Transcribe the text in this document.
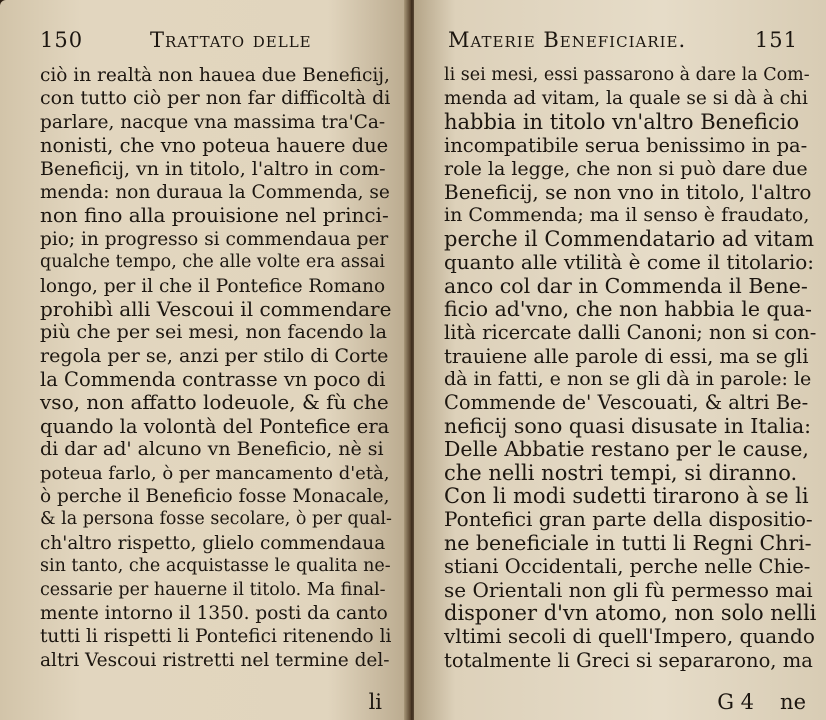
150	Trattato delle
ciò in realtà non hauea due Beneficij,
con tutto ciò per non far difficoltà di
parlare, nacque vna massima tra'Ca-
nonisti, che vno poteua hauere due
Beneficij, vn in titolo, l'altro in com-
menda: non duraua la Commenda, se
non fino alla prouisione nel princi-
pio; in progresso si commendaua per
qualche tempo, che alle volte era assai
longo, per il che il Pontefice Romano
prohibì alli Vescoui il commendare
più che per sei mesi, non facendo la
regola per se, anzi per stilo di Corte
la Commenda contrasse vn poco di
vso, non affatto lodeuole, & fù che
quando la volontà del Pontefice era
di dar ad' alcuno vn Beneficio, nè si
poteua farlo, ò per mancamento d'età,
ò perche il Beneficio fosse Monacale,
& la persona fosse secolare, ò per qual-
ch'altro rispetto, glielo commendaua
sin tanto, che acquistasse le qualita ne-
cessarie per hauerne il titolo. Ma final-
mente intorno il 1350. posti da canto
tutti li rispetti li Pontefici ritenendo li
altri Vescoui ristretti nel termine del-
li
Materie Beneficiarie.	151
li sei mesi, essi passarono à dare la Com-
menda ad vitam, la quale se si dà à chi
habbia in titolo vn'altro Beneficio
incompatibile serua benissimo in pa-
role la legge, che non si può dare due
Beneficij, se non vno in titolo, l'altro
in Commenda; ma il senso è fraudato,
perche il Commendatario ad vitam
quanto alle vtilità è come il titolario:
anco col dar in Commenda il Bene-
ficio ad'vno, che non habbia le qua-
lità ricercate dalli Canoni; non si con-
trauiene alle parole di essi, ma se gli
dà in fatti, e non se gli dà in parole: le
Commende de' Vescouati, & altri Be-
neficij sono quasi disusate in Italia:
Delle Abbatie restano per le cause,
che nelli nostri tempi, si diranno.
Con li modi sudetti tirarono à se li
Pontefici gran parte della dispositio-
ne beneficiale in tutti li Regni Chri-
stiani Occidentali, perche nelle Chie-
se Orientali non gli fù permesso mai
disponer d'vn atomo, non solo nelli
vltimi secoli di quell'Impero, quando
totalmente li Greci si separarono, ma
G 4 ne
